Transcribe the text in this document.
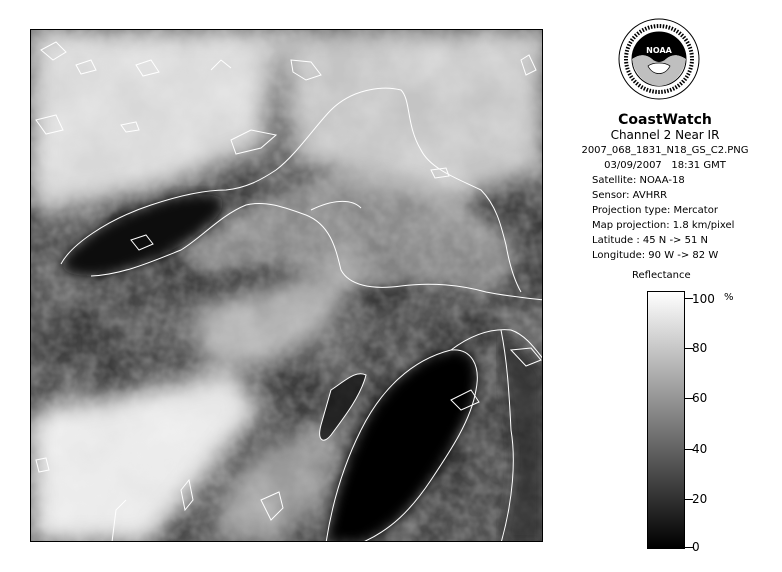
NOAA
CoastWatch
Channel 2 Near IR
2007_068_1831_N18_GS_C2.PNG
03/09/2007 18:31 GMT
Satellite: NOAA-18
Sensor: AVHRR
Projection type: Mercator
Map projection: 1.8 km/pixel
Latitude : 45 N -> 51 N
Longitude: 90 W -> 82 W
Reflectance
%
100
80
60
40
20
0
